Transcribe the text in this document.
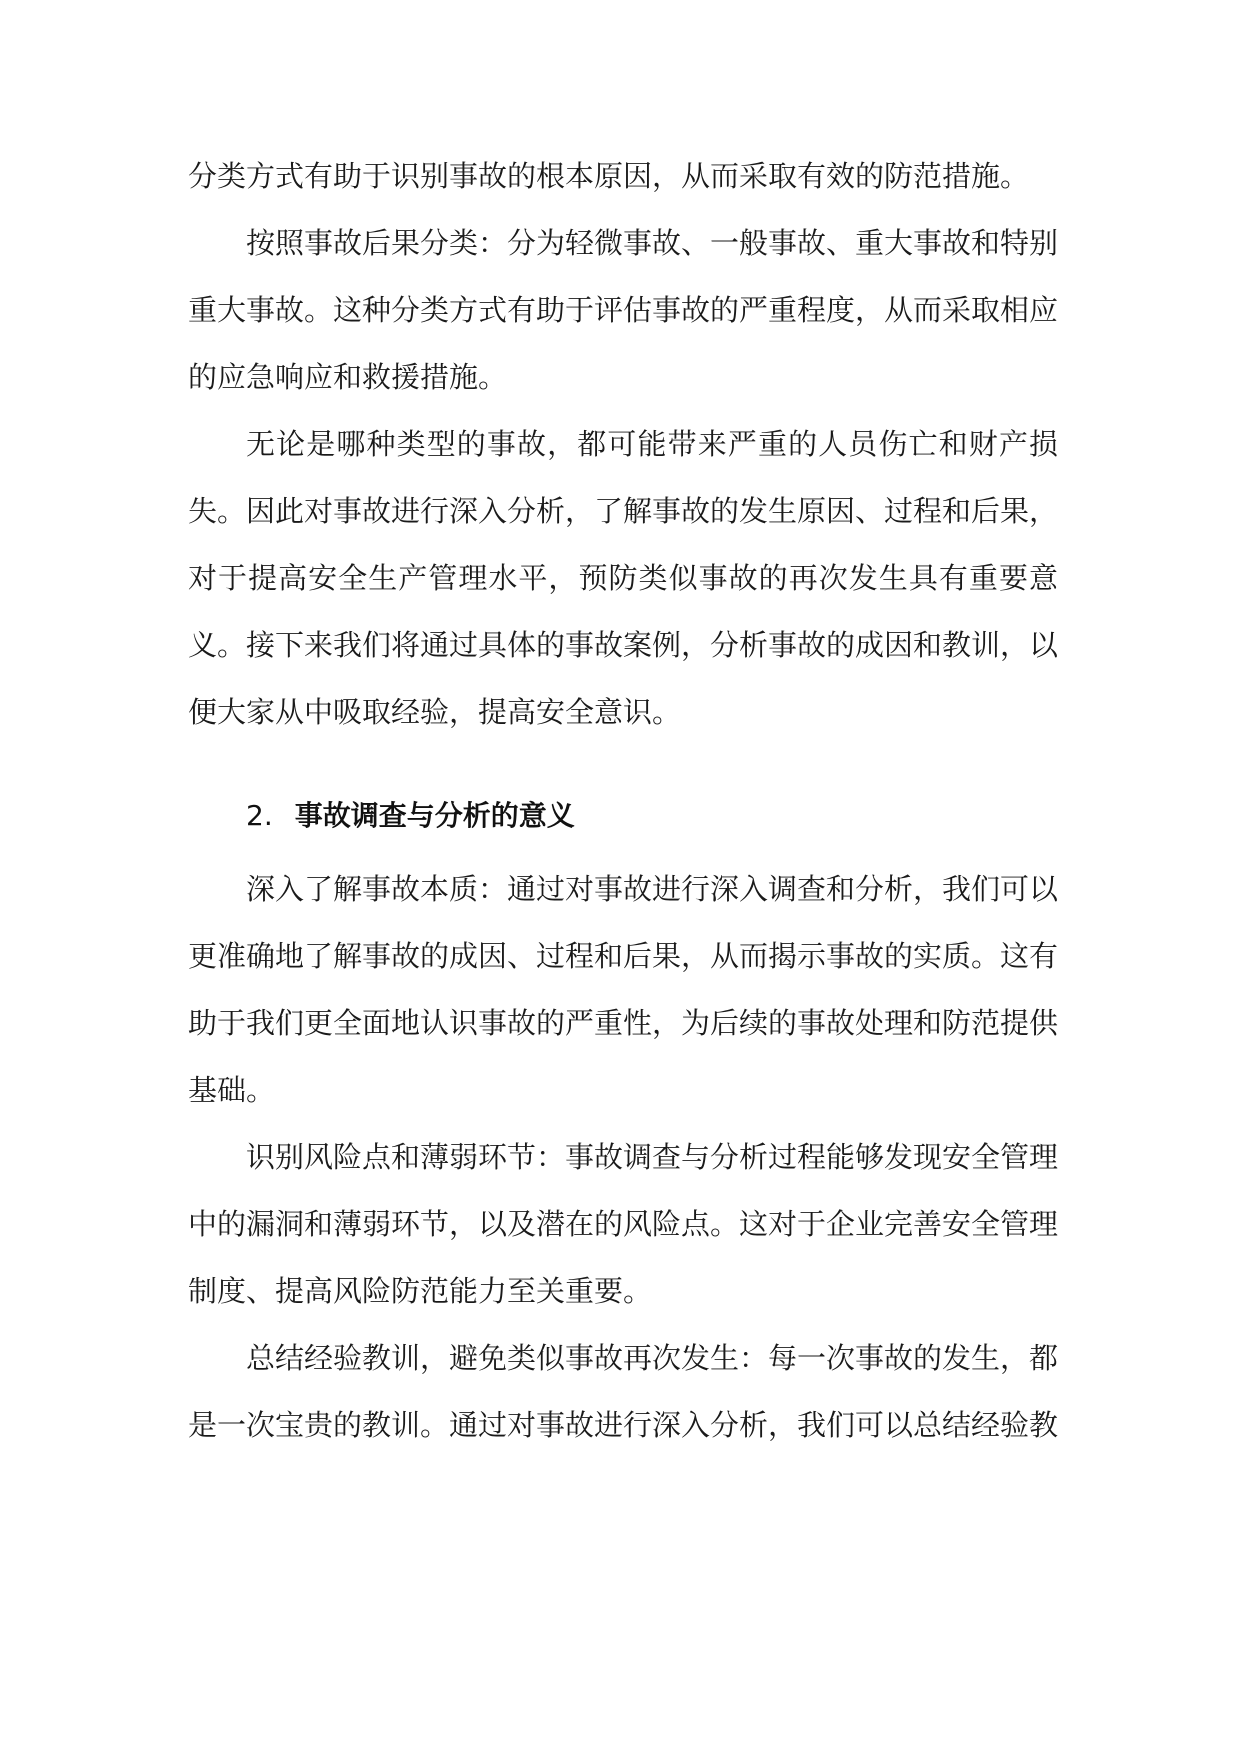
分类方式有助于识别事故的根本原因，从而采取有效的防范措施。

按照事故后果分类：分为轻微事故、一般事故、重大事故和特别重大事故。这种分类方式有助于评估事故的严重程度，从而采取相应的应急响应和救援措施。

无论是哪种类型的事故，都可能带来严重的人员伤亡和财产损失。因此对事故进行深入分析，了解事故的发生原因、过程和后果，对于提高安全生产管理水平，预防类似事故的再次发生具有重要意义。接下来我们将通过具体的事故案例，分析事故的成因和教训，以便大家从中吸取经验，提高安全意识。

2. 事故调查与分析的意义

深入了解事故本质：通过对事故进行深入调查和分析，我们可以更准确地了解事故的成因、过程和后果，从而揭示事故的实质。这有助于我们更全面地认识事故的严重性，为后续的事故处理和防范提供基础。

识别风险点和薄弱环节：事故调查与分析过程能够发现安全管理中的漏洞和薄弱环节，以及潜在的风险点。这对于企业完善安全管理制度、提高风险防范能力至关重要。

总结经验教训，避免类似事故再次发生：每一次事故的发生，都是一次宝贵的教训。通过对事故进行深入分析，我们可以总结经验教
